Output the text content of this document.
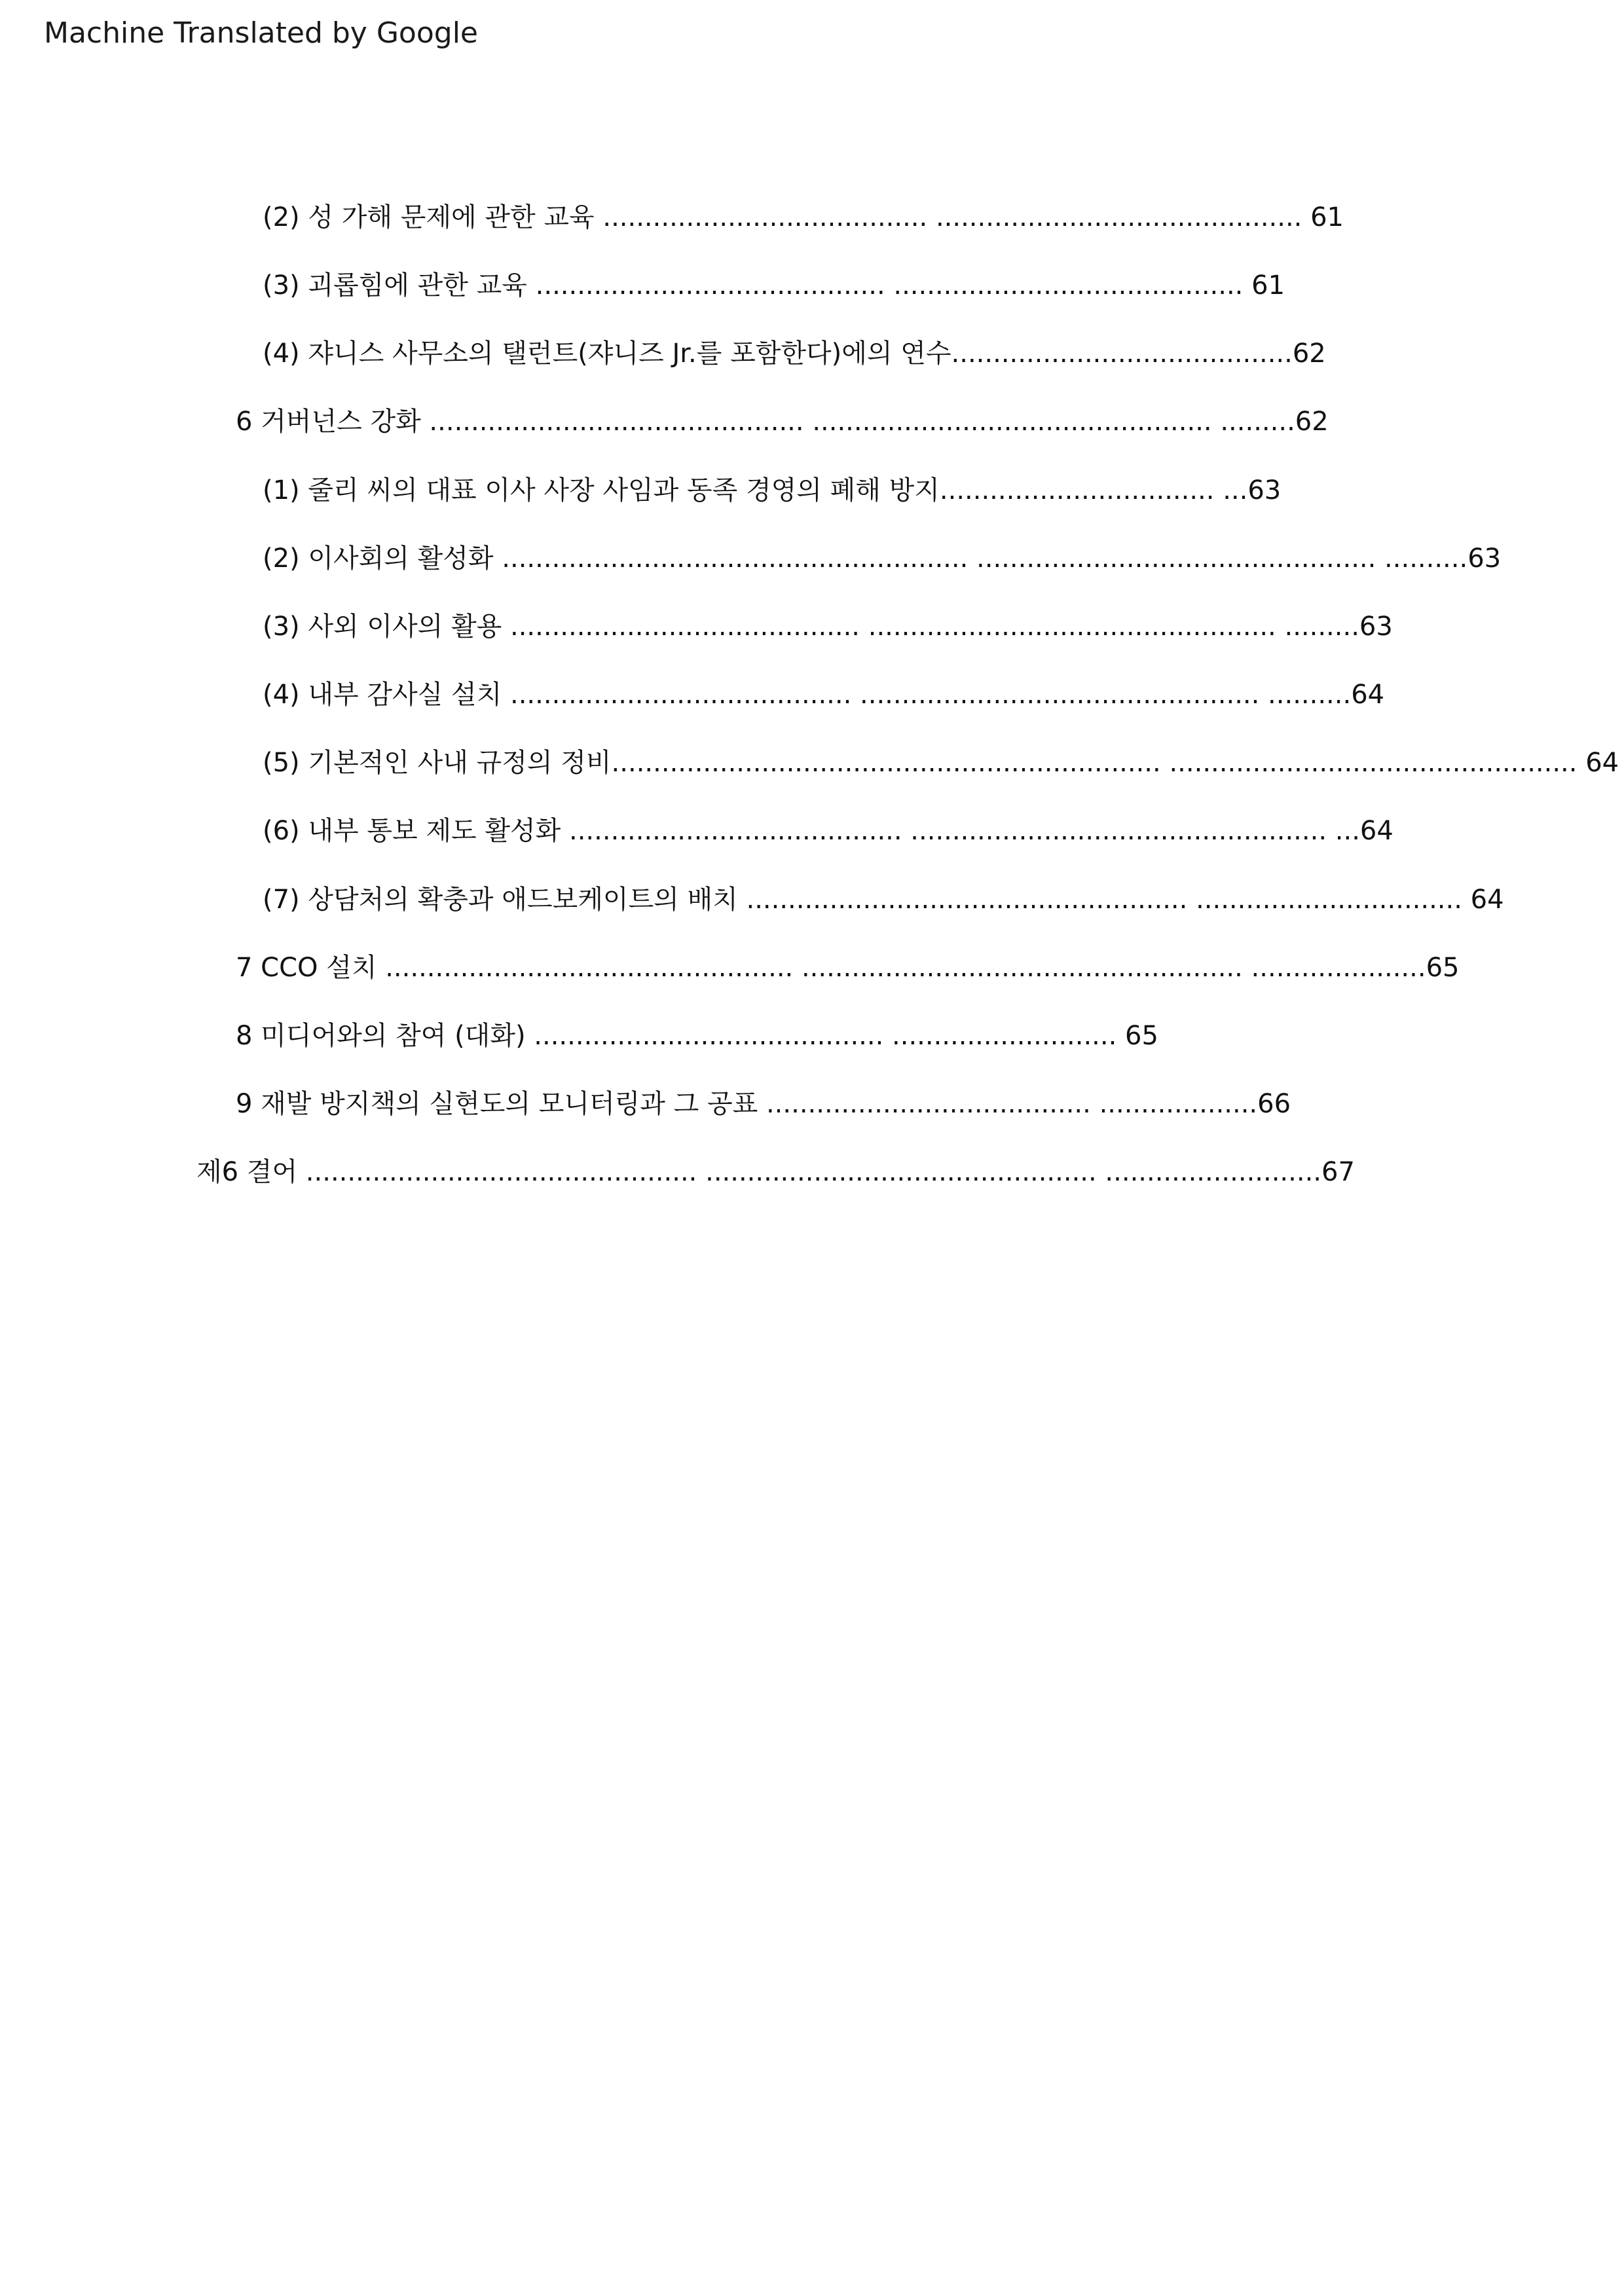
Machine Translated by Google
(2) 성 가해 문제에 관한 교육 ....................................... ............................................ 61
(3) 괴롭힘에 관한 교육 .......................................... .......................................... 61
(4) 쟈니스 사무소의 탤런트(쟈니즈 Jr.를 포함한다)에의 연수.........................................62
6 거버넌스 강화 ............................................. ................................................ .........62
(1) 줄리 씨의 대표 이사 사장 사임과 동족 경영의 폐해 방지................................. ...63
(2) 이사회의 활성화 ........................................................ ................................................ ..........63
(3) 사외 이사의 활용 .......................................... ................................................. .........63
(4) 내부 감사실 설치 ......................................... ................................................ ..........64
(5) 기본적인 사내 규정의 정비.................................................................. ................................................. 64
(6) 내부 통보 제도 활성화 ........................................ .................................................. ...64
(7) 상담처의 확충과 애드보케이트의 배치 ..................................................... ................................ 64
7 CCO 설치 ................................................. ..................................................... .....................65
8 미디어와의 참여 (대화) .......................................... ........................... 65
9 재발 방지책의 실현도의 모니터링과 그 공표 ....................................... ...................66
제6 결어 ............................................... ............................................... ..........................67
